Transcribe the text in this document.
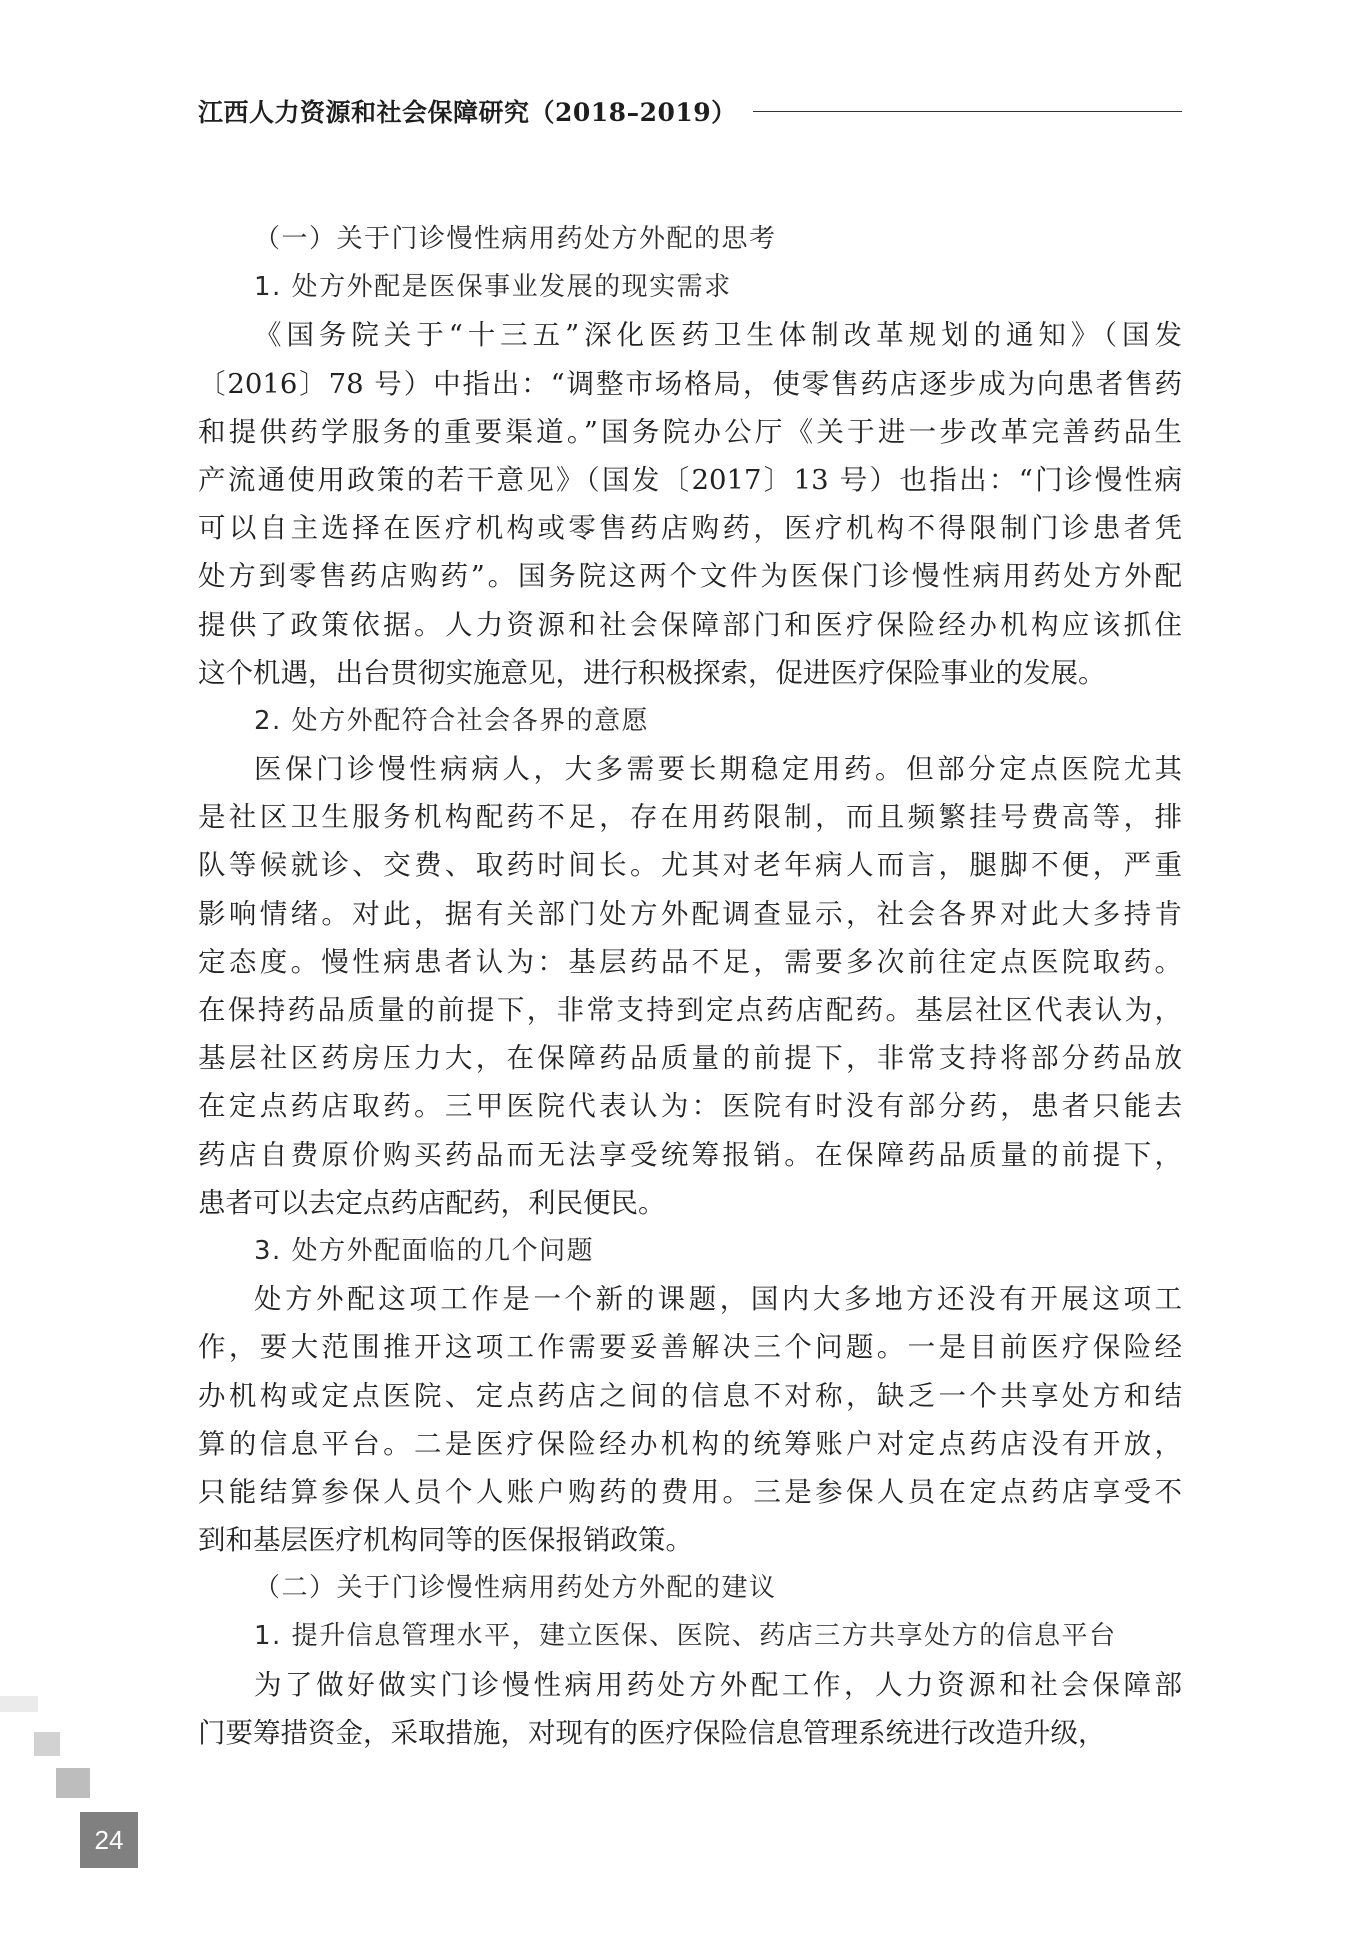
江西人力资源和社会保障研究（2018–2019）
（一）关于门诊慢性病用药处方外配的思考
1. 处方外配是医保事业发展的现实需求
《国务院关于“十三五”深化医药卫生体制改革规划的通知》（国发
〔2016〕78 号）中指出：“调整市场格局，使零售药店逐步成为向患者售药
和提供药学服务的重要渠道。”国务院办公厅《关于进一步改革完善药品生
产流通使用政策的若干意见》（国发〔2017〕13 号）也指出：“门诊慢性病
可以自主选择在医疗机构或零售药店购药，医疗机构不得限制门诊患者凭
处方到零售药店购药”。国务院这两个文件为医保门诊慢性病用药处方外配
提供了政策依据。人力资源和社会保障部门和医疗保险经办机构应该抓住
这个机遇，出台贯彻实施意见，进行积极探索，促进医疗保险事业的发展。
2. 处方外配符合社会各界的意愿
医保门诊慢性病病人，大多需要长期稳定用药。但部分定点医院尤其
是社区卫生服务机构配药不足，存在用药限制，而且频繁挂号费高等，排
队等候就诊、交费、取药时间长。尤其对老年病人而言，腿脚不便，严重
影响情绪。对此，据有关部门处方外配调查显示，社会各界对此大多持肯
定态度。慢性病患者认为：基层药品不足，需要多次前往定点医院取药。
在保持药品质量的前提下，非常支持到定点药店配药。基层社区代表认为，
基层社区药房压力大，在保障药品质量的前提下，非常支持将部分药品放
在定点药店取药。三甲医院代表认为：医院有时没有部分药，患者只能去
药店自费原价购买药品而无法享受统筹报销。在保障药品质量的前提下，
患者可以去定点药店配药，利民便民。
3. 处方外配面临的几个问题
处方外配这项工作是一个新的课题，国内大多地方还没有开展这项工
作，要大范围推开这项工作需要妥善解决三个问题。一是目前医疗保险经
办机构或定点医院、定点药店之间的信息不对称，缺乏一个共享处方和结
算的信息平台。二是医疗保险经办机构的统筹账户对定点药店没有开放，
只能结算参保人员个人账户购药的费用。三是参保人员在定点药店享受不
到和基层医疗机构同等的医保报销政策。
（二）关于门诊慢性病用药处方外配的建议
1. 提升信息管理水平，建立医保、医院、药店三方共享处方的信息平台
为了做好做实门诊慢性病用药处方外配工作，人力资源和社会保障部
门要筹措资金，采取措施，对现有的医疗保险信息管理系统进行改造升级，
24
